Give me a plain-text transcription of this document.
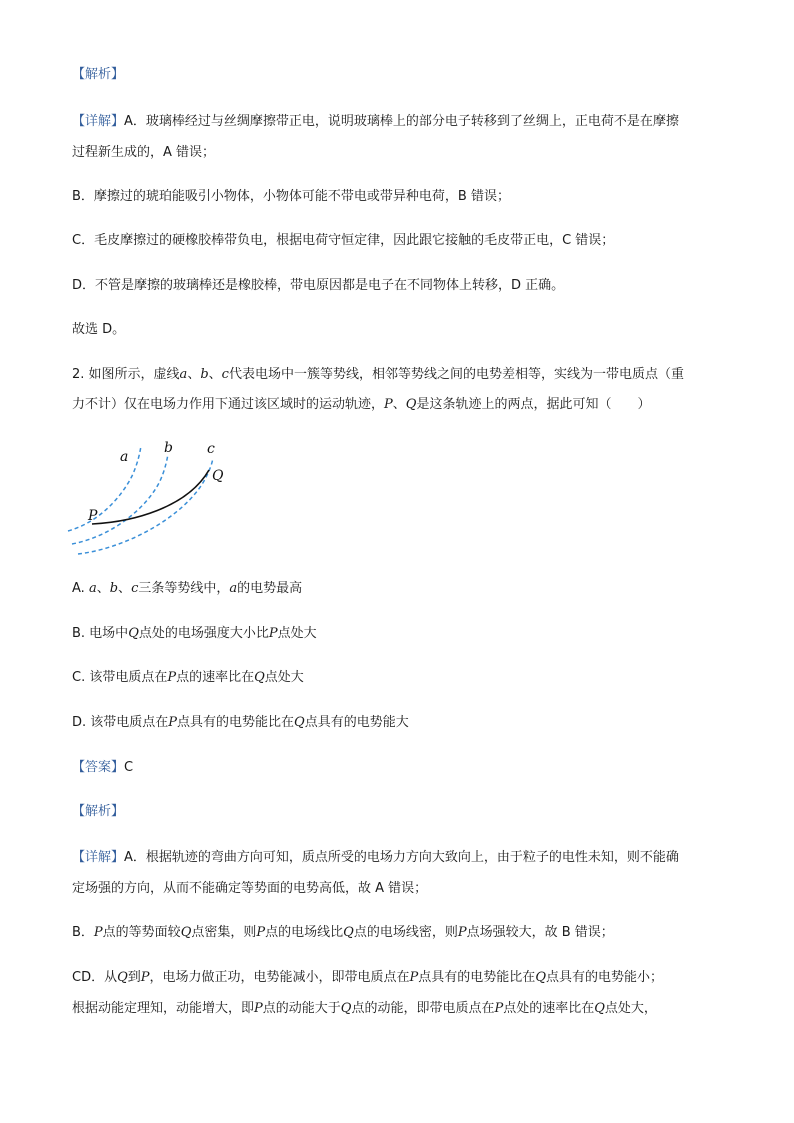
【解析】
【详解】A．玻璃棒经过与丝绸摩擦带正电，说明玻璃棒上的部分电子转移到了丝绸上，正电荷不是在摩擦
过程新生成的，A 错误；
B．摩擦过的琥珀能吸引小物体，小物体可能不带电或带异种电荷，B 错误；
C．毛皮摩擦过的硬橡胶棒带负电，根据电荷守恒定律，因此跟它接触的毛皮带正电，C 错误；
D．不管是摩擦的玻璃棒还是橡胶棒，带电原因都是电子在不同物体上转移，D 正确。
故选 D。
2. 如图所示，虚线a、b、c代表电场中一簇等势线，相邻等势线之间的电势差相等，实线为一带电质点（重
力不计）仅在电场力作用下通过该区域时的运动轨迹，P、Q是这条轨迹上的两点，据此可知（　　）
a
b c
P
Q
A. a、b、c三条等势线中，a的电势最高
B. 电场中Q点处的电场强度大小比P点处大
C. 该带电质点在P点的速率比在Q点处大
D. 该带电质点在P点具有的电势能比在Q点具有的电势能大
【答案】C
【解析】
【详解】A．根据轨迹的弯曲方向可知，质点所受的电场力方向大致向上，由于粒子的电性未知，则不能确
定场强的方向，从而不能确定等势面的电势高低，故 A 错误；
B．P点的等势面较Q点密集，则P点的电场线比Q点的电场线密，则P点场强较大，故 B 错误；
CD．从Q到P，电场力做正功，电势能减小，即带电质点在P点具有的电势能比在Q点具有的电势能小；
根据动能定理知，动能增大，即P点的动能大于Q点的动能，即带电质点在P点处的速率比在Q点处大，
